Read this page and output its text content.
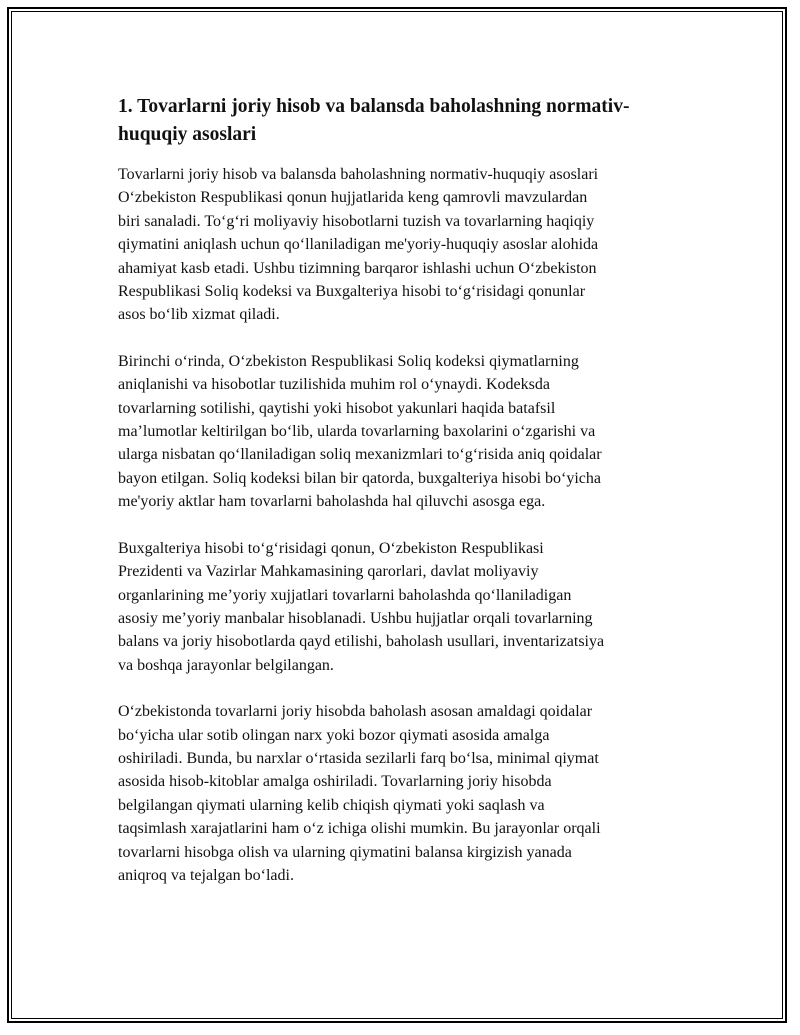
1. Tovarlarni joriy hisob va balansda baholashning normativ-
huquqiy asoslari

Tovarlarni joriy hisob va balansda baholashning normativ-huquqiy asoslari
O‘zbekiston Respublikasi qonun hujjatlarida keng qamrovli mavzulardan
biri sanaladi. To‘g‘ri moliyaviy hisobotlarni tuzish va tovarlarning haqiqiy
qiymatini aniqlash uchun qo‘llaniladigan me'yoriy-huquqiy asoslar alohida
ahamiyat kasb etadi. Ushbu tizimning barqaror ishlashi uchun O‘zbekiston
Respublikasi Soliq kodeksi va Buxgalteriya hisobi to‘g‘risidagi qonunlar
asos bo‘lib xizmat qiladi.

Birinchi o‘rinda, O‘zbekiston Respublikasi Soliq kodeksi qiymatlarning
aniqlanishi va hisobotlar tuzilishida muhim rol o‘ynaydi. Kodeksda
tovarlarning sotilishi, qaytishi yoki hisobot yakunlari haqida batafsil
ma’lumotlar keltirilgan bo‘lib, ularda tovarlarning baxolarini o‘zgarishi va
ularga nisbatan qo‘llaniladigan soliq mexanizmlari to‘g‘risida aniq qoidalar
bayon etilgan. Soliq kodeksi bilan bir qatorda, buxgalteriya hisobi bo‘yicha
me'yoriy aktlar ham tovarlarni baholashda hal qiluvchi asosga ega.

Buxgalteriya hisobi to‘g‘risidagi qonun, O‘zbekiston Respublikasi
Prezidenti va Vazirlar Mahkamasining qarorlari, davlat moliyaviy
organlarining me’yoriy xujjatlari tovarlarni baholashda qo‘llaniladigan
asosiy me’yoriy manbalar hisoblanadi. Ushbu hujjatlar orqali tovarlarning
balans va joriy hisobotlarda qayd etilishi, baholash usullari, inventarizatsiya
va boshqa jarayonlar belgilangan.

O‘zbekistonda tovarlarni joriy hisobda baholash asosan amaldagi qoidalar
bo‘yicha ular sotib olingan narx yoki bozor qiymati asosida amalga
oshiriladi. Bunda, bu narxlar o‘rtasida sezilarli farq bo‘lsa, minimal qiymat
asosida hisob-kitoblar amalga oshiriladi. Tovarlarning joriy hisobda
belgilangan qiymati ularning kelib chiqish qiymati yoki saqlash va
taqsimlash xarajatlarini ham o‘z ichiga olishi mumkin. Bu jarayonlar orqali
tovarlarni hisobga olish va ularning qiymatini balansa kirgizish yanada
aniqroq va tejalgan bo‘ladi.
